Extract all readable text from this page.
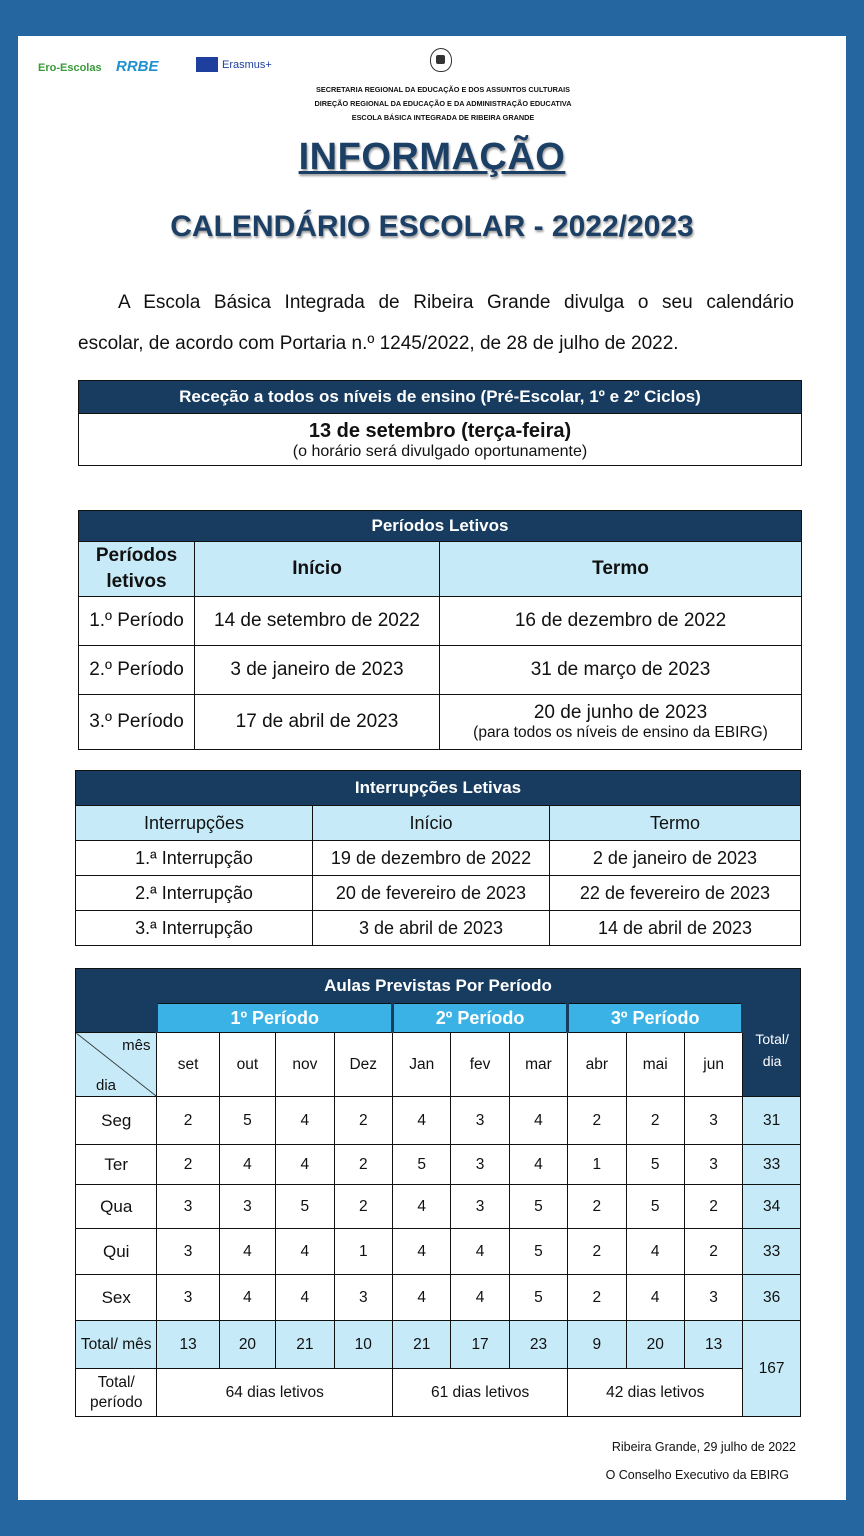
Ero-Escolas RRBE	Erasmus+
SECRETARIA REGIONAL DA EDUCAÇÃO E DOS ASSUNTOS CULTURAIS
DIREÇÃO REGIONAL DA EDUCAÇÃO E DA ADMINISTRAÇÃO EDUCATIVA
ESCOLA BÁSICA INTEGRADA DE RIBEIRA GRANDE
INFORMAÇÃO
CALENDÁRIO ESCOLAR - 2022/2023
A Escola Básica Integrada de Ribeira Grande divulga o seu calendário
escolar, de acordo com Portaria n.º 1245/2022, de 28 de julho de 2022.
Receção a todos os níveis de ensino (Pré-Escolar, 1º e 2º Ciclos)
13 de setembro (terça-feira)
(o horário será divulgado oportunamente)
Períodos Letivos		
Períodos letivos	Início	Termo
1.º Período	14 de setembro de 2022	16 de dezembro de 2022
2.º Período	3 de janeiro de 2023	31 de março de 2023
3.º Período	17 de abril de 2023	20 de junho de 2023
(para todos os níveis de ensino da EBIRG)
Interrupções Letivas		
Interrupções	Início	Termo
1.ª Interrupção	19 de dezembro de 2022	2 de janeiro de 2023
2.ª Interrupção	20 de fevereiro de 2023	22 de fevereiro de 2023
3.ª Interrupção	3 de abril de 2023	14 de abril de 2023
Aulas Previstas Por Período											
	1º Período				2º Período			3º Período			Total/ dia

mês
dia	set	out	nov	Dez	Jan	fev	mar	abr	mai	jun	
Seg	2	5	4	2	4	3	4	2	2	3	31
Ter	2	4	4	2	5	3	4	1	5	3	33
Qua	3	3	5	2	4	3	5	2	5	2	34
Qui	3	4	4	1	4	4	5	2	4	2	33
Sex	3	4	4	3	4	4	5	2	4	3	36
Total/ mês	13	20	21	10	21	17	23	9	20	13	167
Total/ período	64 dias letivos				61 dias letivos			42 dias letivos			
Ribeira Grande, 29 julho de 2022
O Conselho Executivo da EBIRG
